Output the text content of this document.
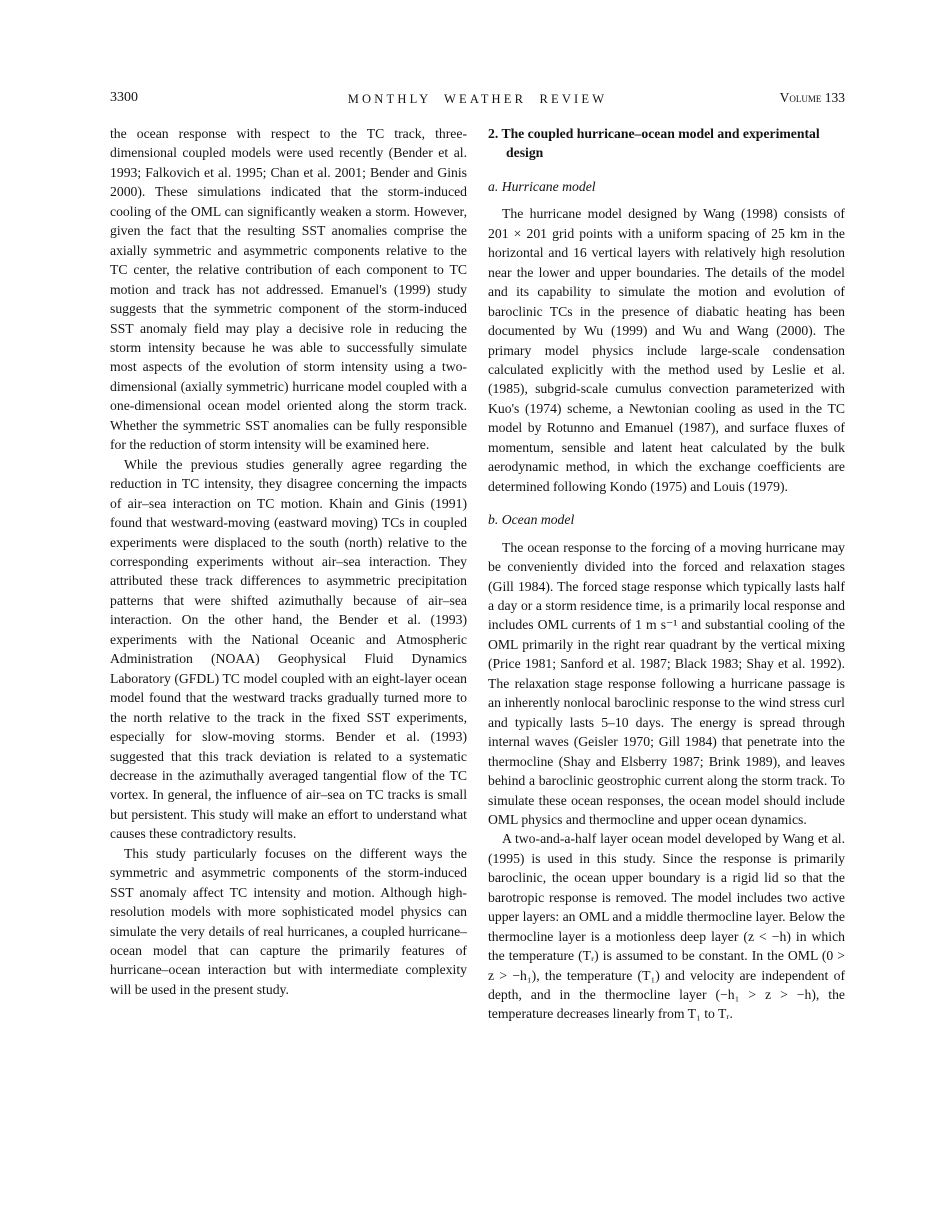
3300	MONTHLY WEATHER REVIEW	Volume 133

the ocean response with respect to the TC track, three-dimensional coupled models were used recently (Bender et al. 1993; Falkovich et al. 1995; Chan et al. 2001; Bender and Ginis 2000). These simulations indicated that the storm-induced cooling of the OML can significantly weaken a storm. However, given the fact that the resulting SST anomalies comprise the axially symmetric and asymmetric components relative to the TC center, the relative contribution of each component to TC motion and track has not addressed. Emanuel's (1999) study suggests that the symmetric component of the storm-induced SST anomaly field may play a decisive role in reducing the storm intensity because he was able to successfully simulate most aspects of the evolution of storm intensity using a two-dimensional (axially symmetric) hurricane model coupled with a one-dimensional ocean model oriented along the storm track. Whether the symmetric SST anomalies can be fully responsible for the reduction of storm intensity will be examined here.

While the previous studies generally agree regarding the reduction in TC intensity, they disagree concerning the impacts of air–sea interaction on TC motion. Khain and Ginis (1991) found that westward-moving (eastward moving) TCs in coupled experiments were displaced to the south (north) relative to the corresponding experiments without air–sea interaction. They attributed these track differences to asymmetric precipitation patterns that were shifted azimuthally because of air–sea interaction. On the other hand, the Bender et al. (1993) experiments with the National Oceanic and Atmospheric Administration (NOAA) Geophysical Fluid Dynamics Laboratory (GFDL) TC model coupled with an eight-layer ocean model found that the westward tracks gradually turned more to the north relative to the track in the fixed SST experiments, especially for slow-moving storms. Bender et al. (1993) suggested that this track deviation is related to a systematic decrease in the azimuthally averaged tangential flow of the TC vortex. In general, the influence of air–sea on TC tracks is small but persistent. This study will make an effort to understand what causes these contradictory results.

This study particularly focuses on the different ways the symmetric and asymmetric components of the storm-induced SST anomaly affect TC intensity and motion. Although high-resolution models with more sophisticated model physics can simulate the very details of real hurricanes, a coupled hurricane–ocean model that can capture the primarily features of hurricane–ocean interaction but with intermediate complexity will be used in the present study.

2. The coupled hurricane–ocean model and experimental design
a. Hurricane model

The hurricane model designed by Wang (1998) consists of 201 × 201 grid points with a uniform spacing of 25 km in the horizontal and 16 vertical layers with relatively high resolution near the lower and upper boundaries. The details of the model and its capability to simulate the motion and evolution of baroclinic TCs in the presence of diabatic heating has been documented by Wu (1999) and Wu and Wang (2000). The primary model physics include large-scale condensation calculated explicitly with the method used by Leslie et al. (1985), subgrid-scale cumulus convection parameterized with Kuo's (1974) scheme, a Newtonian cooling as used in the TC model by Rotunno and Emanuel (1987), and surface fluxes of momentum, sensible and latent heat calculated by the bulk aerodynamic method, in which the exchange coefficients are determined following Kondo (1975) and Louis (1979).

b. Ocean model

The ocean response to the forcing of a moving hurricane may be conveniently divided into the forced and relaxation stages (Gill 1984). The forced stage response which typically lasts half a day or a storm residence time, is a primarily local response and includes OML currents of 1 m s⁻¹ and substantial cooling of the OML primarily in the right rear quadrant by the vertical mixing (Price 1981; Sanford et al. 1987; Black 1983; Shay et al. 1992). The relaxation stage response following a hurricane passage is an inherently nonlocal baroclinic response to the wind stress curl and typically lasts 5–10 days. The energy is spread through internal waves (Geisler 1970; Gill 1984) that penetrate into the thermocline (Shay and Elsberry 1987; Brink 1989), and leaves behind a baroclinic geostrophic current along the storm track. To simulate these ocean responses, the ocean model should include OML physics and thermocline and upper ocean dynamics.

A two-and-a-half layer ocean model developed by Wang et al. (1995) is used in this study. Since the response is primarily baroclinic, the ocean upper boundary is a rigid lid so that the barotropic response is removed. The model includes two active upper layers: an OML and a middle thermocline layer. Below the thermocline layer is a motionless deep layer (z < −h) in which the temperature (Tᵣ) is assumed to be constant. In the OML (0 > z > −h₁), the temperature (T₁) and velocity are independent of depth, and in the thermocline layer (−h₁ > z > −h), the temperature decreases linearly from T₁ to Tᵣ.
